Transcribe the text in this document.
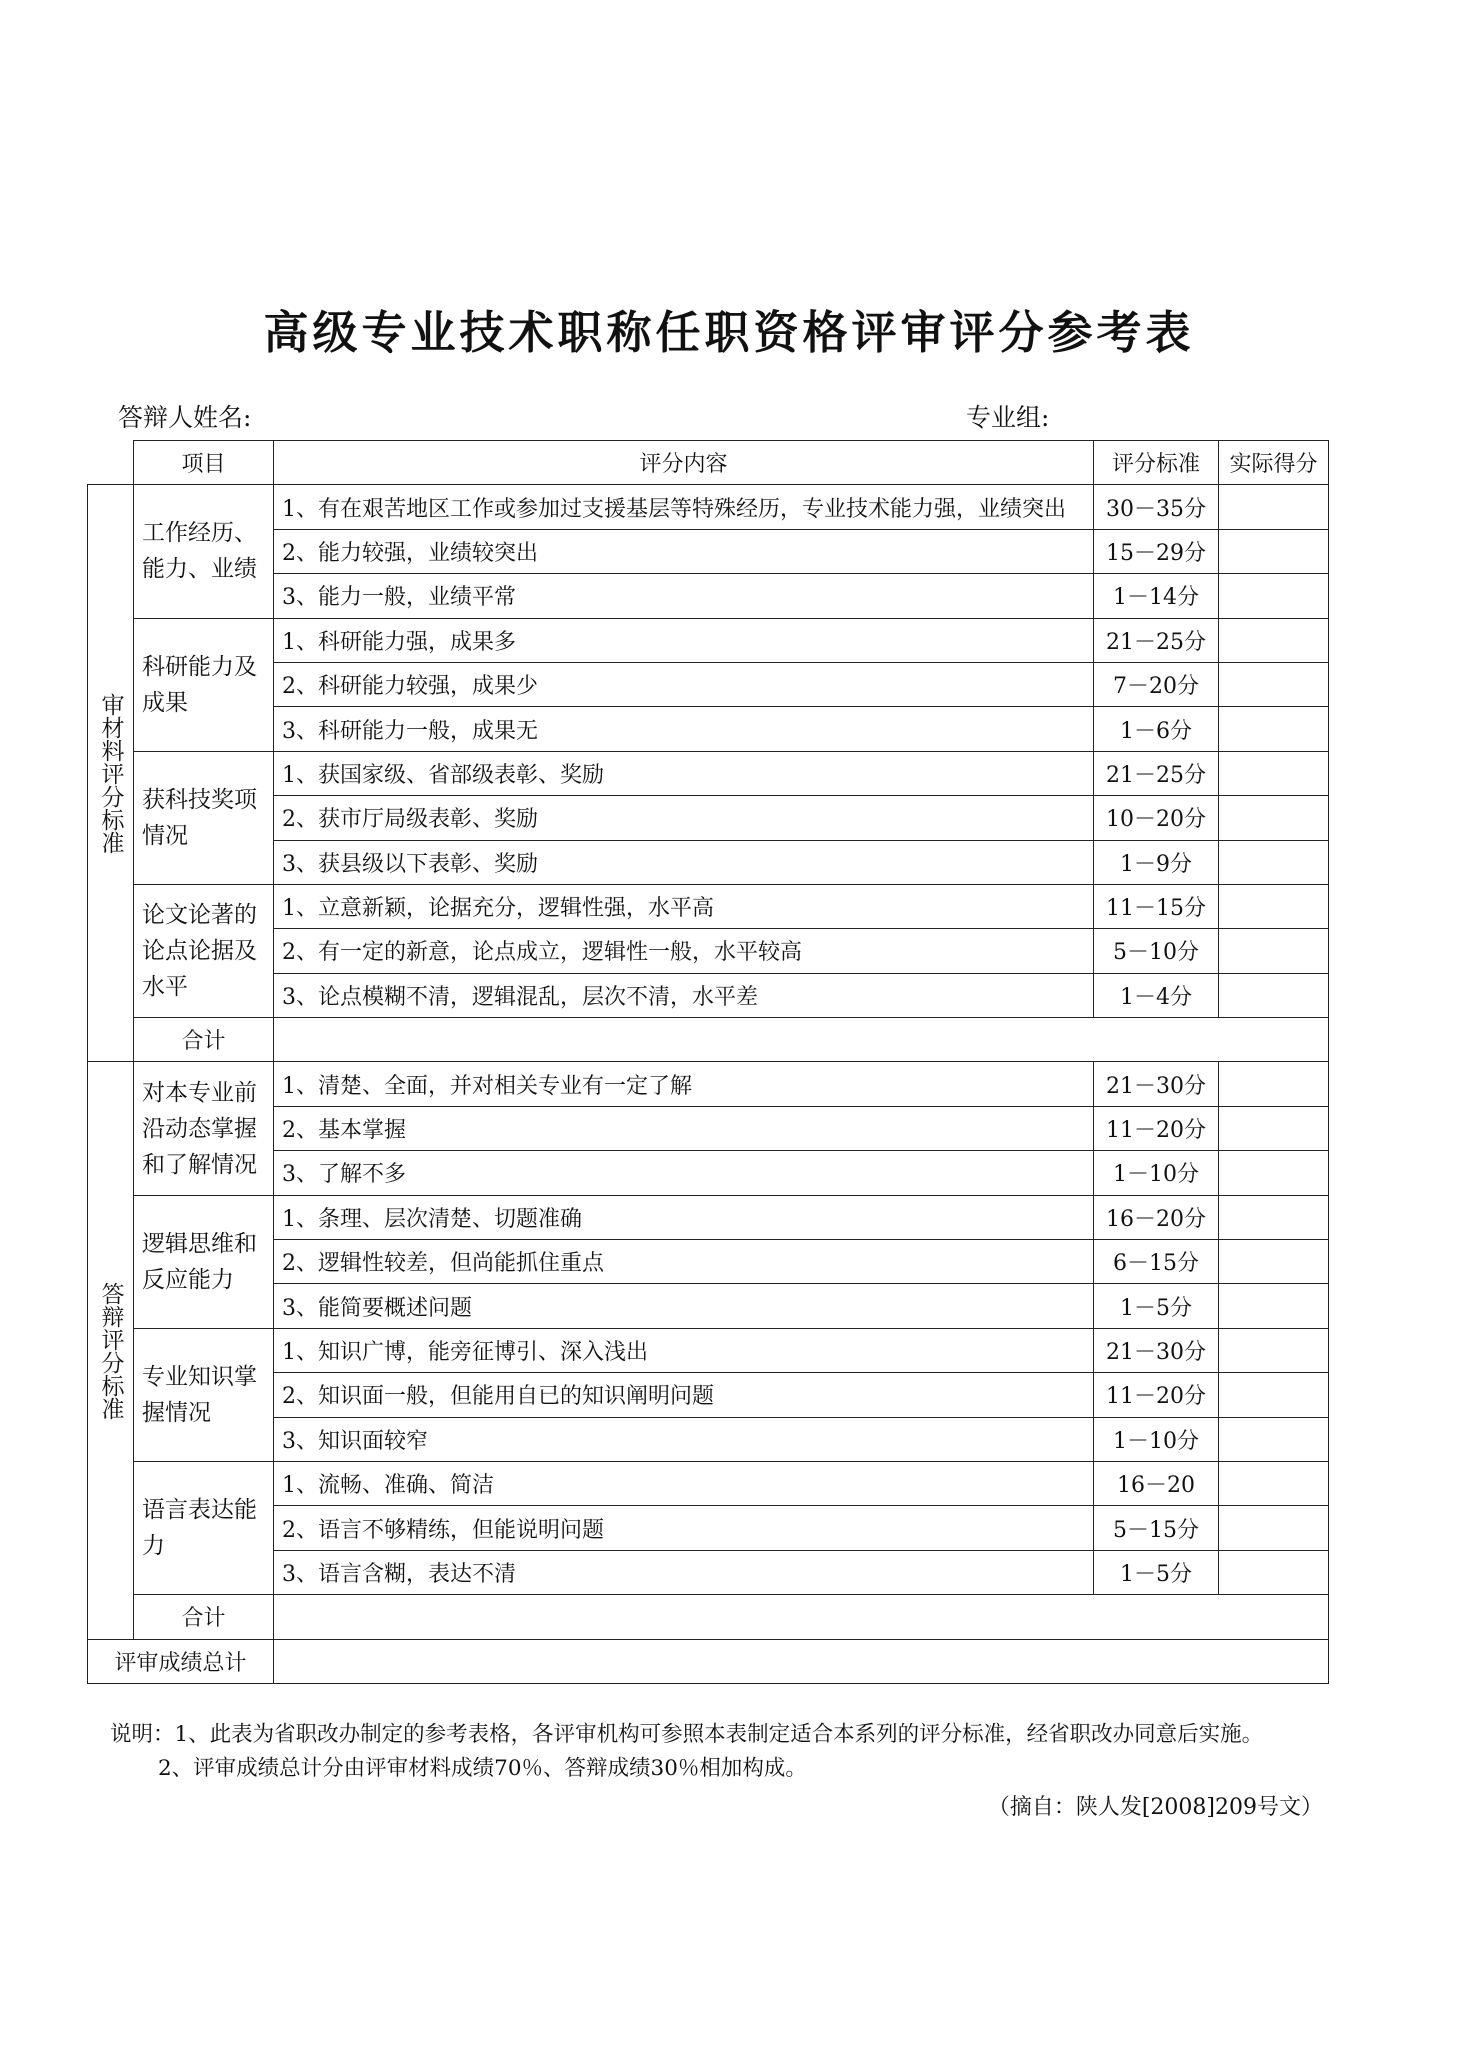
高级专业技术职称任职资格评审评分参考表
答辩人姓名:	专业组:
	项目	评分内容	评分标准	实际得分
审材料评分标准	工作经历、能力、业绩	1、有在艰苦地区工作或参加过支援基层等特殊经历，专业技术能力强，业绩突出	30－35分	
		2、能力较强，业绩较突出	15－29分	
		3、能力一般，业绩平常	1－14分	
	科研能力及成果	1、科研能力强，成果多	21－25分	
		2、科研能力较强，成果少	7－20分	
		3、科研能力一般，成果无	1－6分	
	获科技奖项情况	1、获国家级、省部级表彰、奖励	21－25分	
		2、获市厅局级表彰、奖励	10－20分	
		3、获县级以下表彰、奖励	1－9分	
	论文论著的论点论据及水平	1、立意新颖，论据充分，逻辑性强，水平高	11－15分	
		2、有一定的新意，论点成立，逻辑性一般，水平较高	5－10分	
		3、论点模糊不清，逻辑混乱，层次不清，水平差	1－4分	
	合计			
答辩评分标准	对本专业前沿动态掌握和了解情况	1、清楚、全面，并对相关专业有一定了解	21－30分	
		2、基本掌握	11－20分	
		3、了解不多	1－10分	
	逻辑思维和反应能力	1、条理、层次清楚、切题准确	16－20分	
		2、逻辑性较差，但尚能抓住重点	6－15分	
		3、能简要概述问题	1－5分	
	专业知识掌握情况	1、知识广博，能旁征博引、深入浅出	21－30分	
		2、知识面一般，但能用自已的知识阐明问题	11－20分	
		3、知识面较窄	1－10分	
	语言表达能力	1、流畅、准确、简洁	16－20	
		2、语言不够精练，但能说明问题	5－15分	
		3、语言含糊，表达不清	1－5分	
	合计			
评审成绩总计				
说明：1、此表为省职改办制定的参考表格，各评审机构可参照本表制定适合本系列的评分标准，经省职改办同意后实施。
2、评审成绩总计分由评审材料成绩70％、答辩成绩30％相加构成。
（摘自：陕人发[2008]209号文）
